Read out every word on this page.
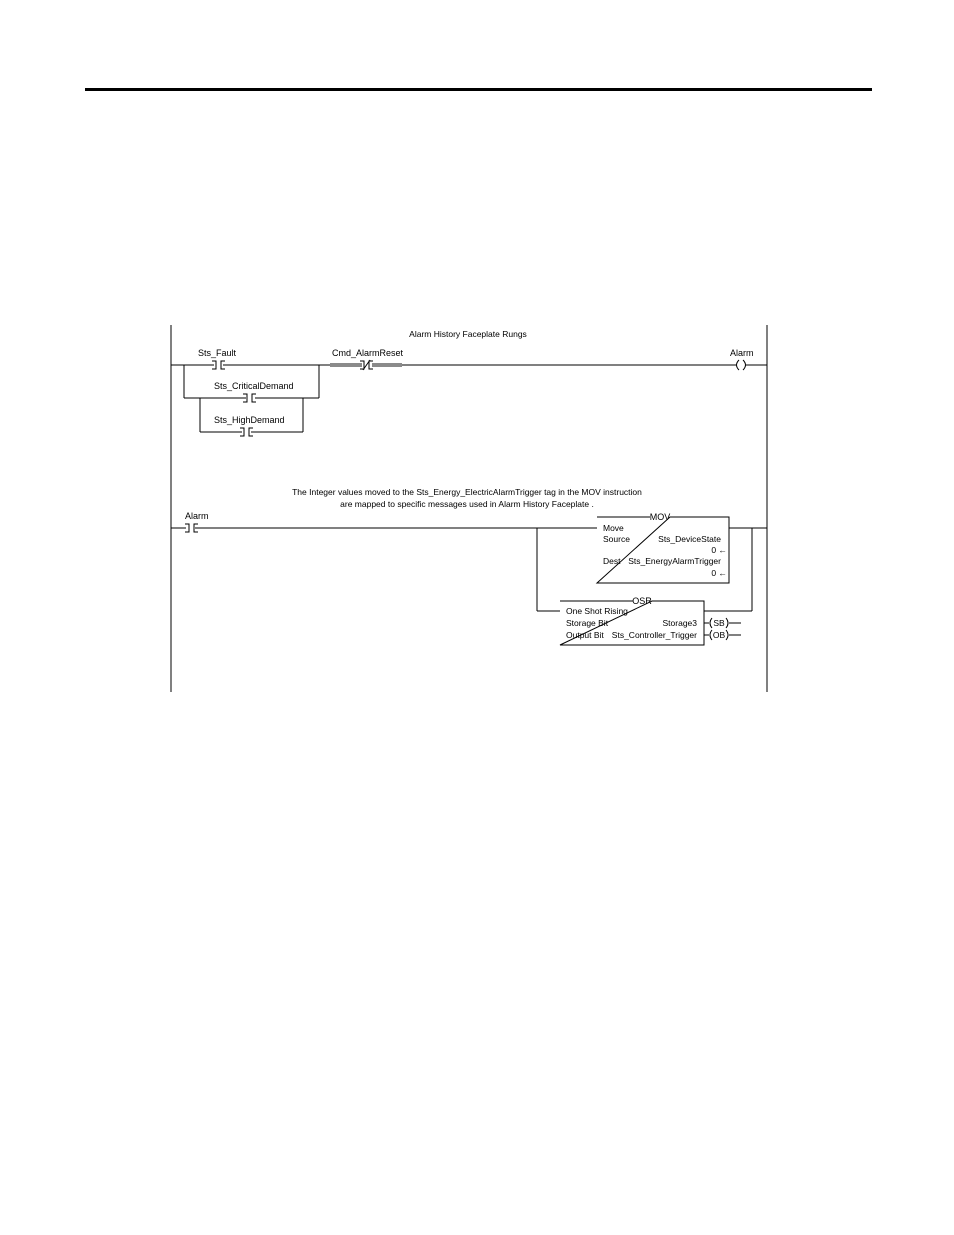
Alarm History Faceplate Rungs
Sts_Fault
Sts_CriticalDemand
Sts_HighDemand
Cmd_AlarmReset	Alarm
The Integer values moved to the Sts_Energy_ElectricAlarmTrigger tag in the MOV instruction
are mapped to specific messages used in Alarm History Faceplate .
Alarm	MOV
Move
Source	Sts_DeviceState
0 ←
Dest Sts_EnergyAlarmTrigger
0 ←
OSR
One Shot Rising
Storage Bit	Storage3
Output Bit Sts_Controller_Trigger
SB
OB
